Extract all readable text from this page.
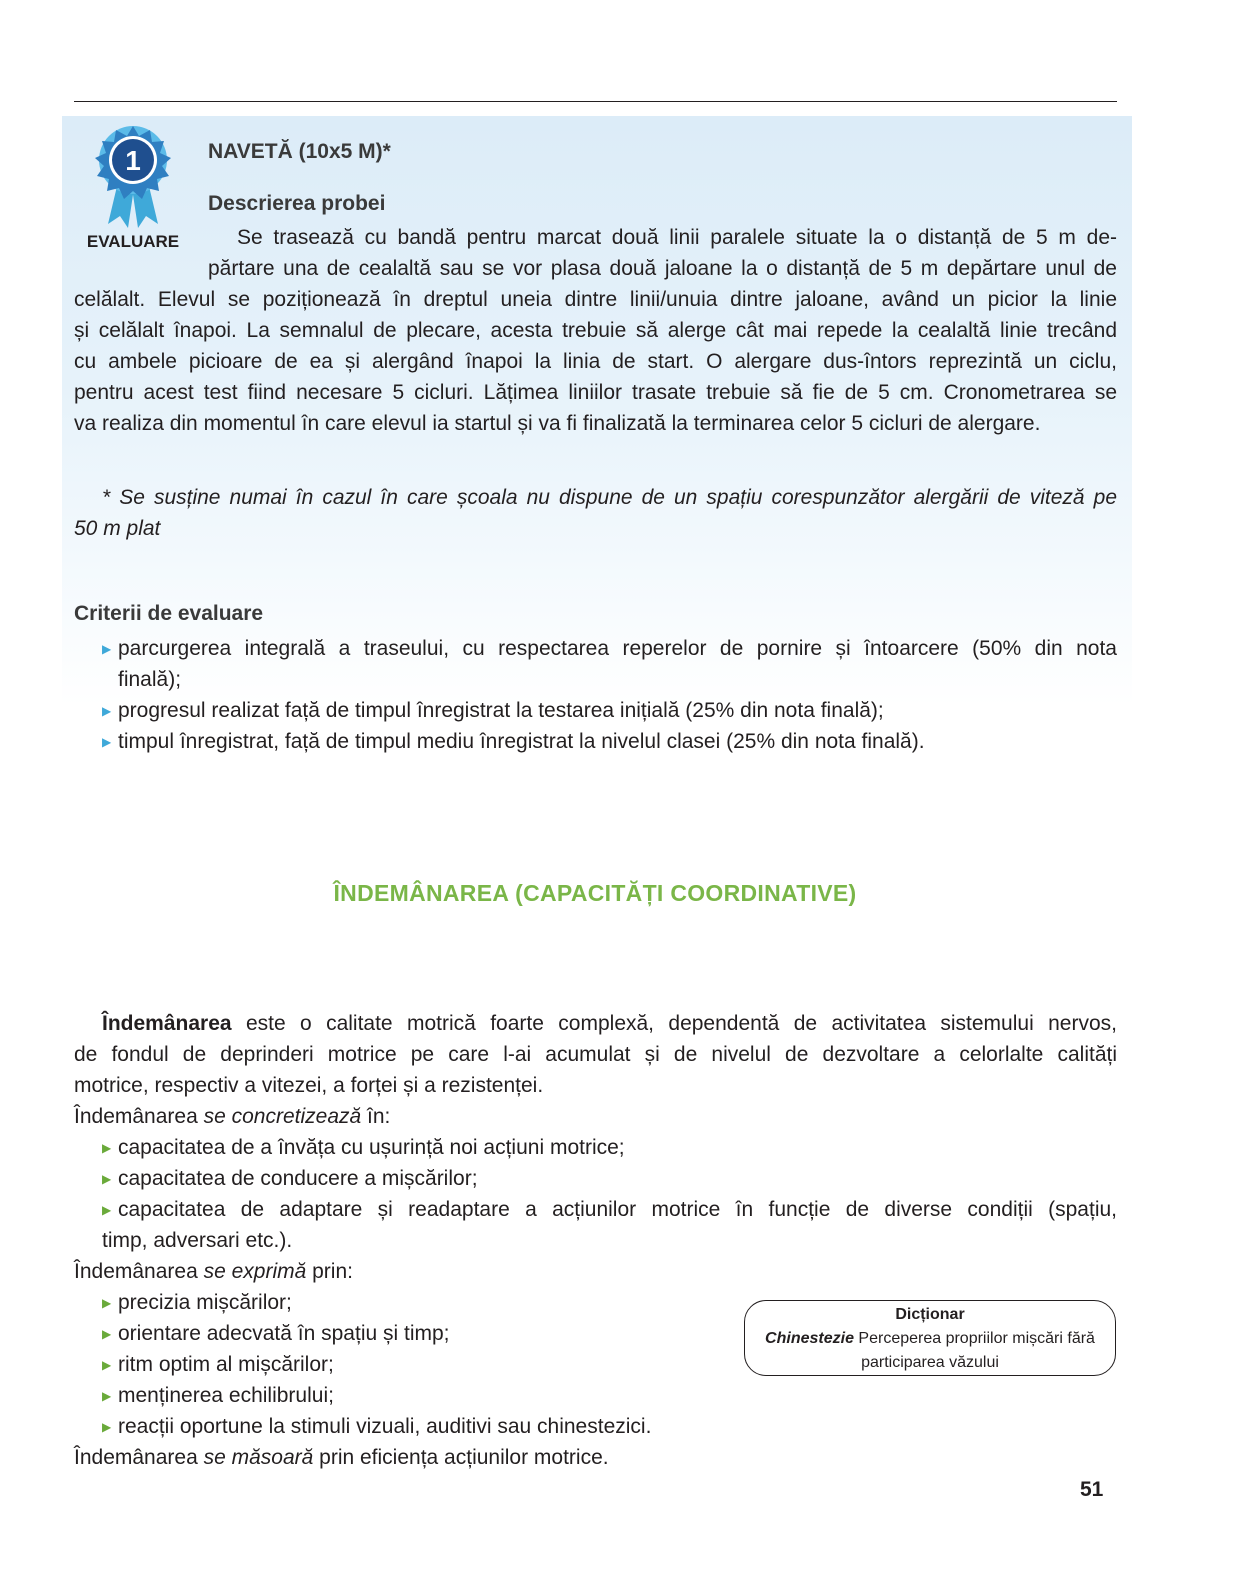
1
EVALUARE
NAVETĂ (10x5 M)*
Descrierea probei
Se trasează cu bandă pentru marcat două linii paralele situate la o distanță de 5 m de-
părtare una de cealaltă sau se vor plasa două jaloane la o distanță de 5 m depărtare unul de
celălalt. Elevul se poziționează în dreptul uneia dintre linii/unuia dintre jaloane, având un picior la linie
și celălalt înapoi. La semnalul de plecare, acesta trebuie să alerge cât mai repede la cealaltă linie trecând
cu ambele picioare de ea și alergând înapoi la linia de start. O alergare dus-întors reprezintă un ciclu,
pentru acest test fiind necesare 5 cicluri. Lățimea liniilor trasate trebuie să fie de 5 cm. Cronometrarea se
va realiza din momentul în care elevul ia startul și va fi finalizată la terminarea celor 5 cicluri de alergare.
* Se susține numai în cazul în care școala nu dispune de un spațiu corespunzător alergării de viteză pe
50 m plat
Criterii de evaluare
▶ parcurgerea integrală a traseului, cu respectarea reperelor de pornire și întoarcere (50% din nota
finală);
▶ progresul realizat față de timpul înregistrat la testarea inițială (25% din nota finală);
▶ timpul înregistrat, față de timpul mediu înregistrat la nivelul clasei (25% din nota finală).
ÎNDEMÂNAREA (CAPACITĂȚI COORDINATIVE)
Îndemânarea este o calitate motrică foarte complexă, dependentă de activitatea sistemului nervos,
de fondul de deprinderi motrice pe care l-ai acumulat și de nivelul de dezvoltare a celorlalte calități
motrice, respectiv a vitezei, a forței și a rezistenței.
Îndemânarea se concretizează în:
▶ capacitatea de a învăța cu ușurință noi acțiuni motrice;
▶ capacitatea de conducere a mișcărilor;
▶ capacitatea de adaptare și readaptare a acțiunilor motrice în funcție de diverse condiții (spațiu,
timp, adversari etc.).
Îndemânarea se exprimă prin:
▶ precizia mișcărilor;
▶ orientare adecvată în spațiu și timp;
▶ ritm optim al mișcărilor;
▶ menținerea echilibrului;
▶ reacții oportune la stimuli vizuali, auditivi sau chinestezici.
Îndemânarea se măsoară prin eficiența acțiunilor motrice.
Dicționar
Chinestezie Perceperea propriilor mișcări fără
participarea văzului
51
